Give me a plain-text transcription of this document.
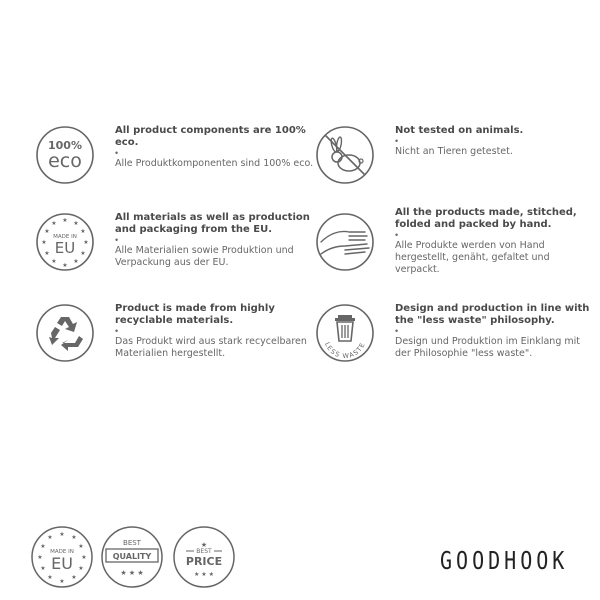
100%
eco
All product components are 100% eco.
•
Alle Produktkomponenten sind 100% eco.
Not tested on animals.
•
Nicht an Tieren getestet.
★ ★
★
★
★
★
★
★
★
★
★
★
MADE IN
EU
All materials as well as production and packaging from the EU.
•
Alle Materialien sowie Produktion und Verpackung aus der EU.
All the products made, stitched, folded and packed by hand.
•
Alle Produkte werden von Hand hergestellt, genäht, gefaltet und verpackt.
Product is made from highly recyclable materials.
•
Das Produkt wird aus stark recycelbaren Materialien hergestellt.
LESS WASTE
Design and production in line with the "less waste" philosophy.
•
Design und Produktion im Einklang mit der Philosophie "less waste".
★ ★
★
★
★
★
★
★
★
★
★
★
MADE IN
EU
BEST
QUALITY
★ ★ ★
★
BEST
PRICE
★ ★ ★	GOODHOOK
